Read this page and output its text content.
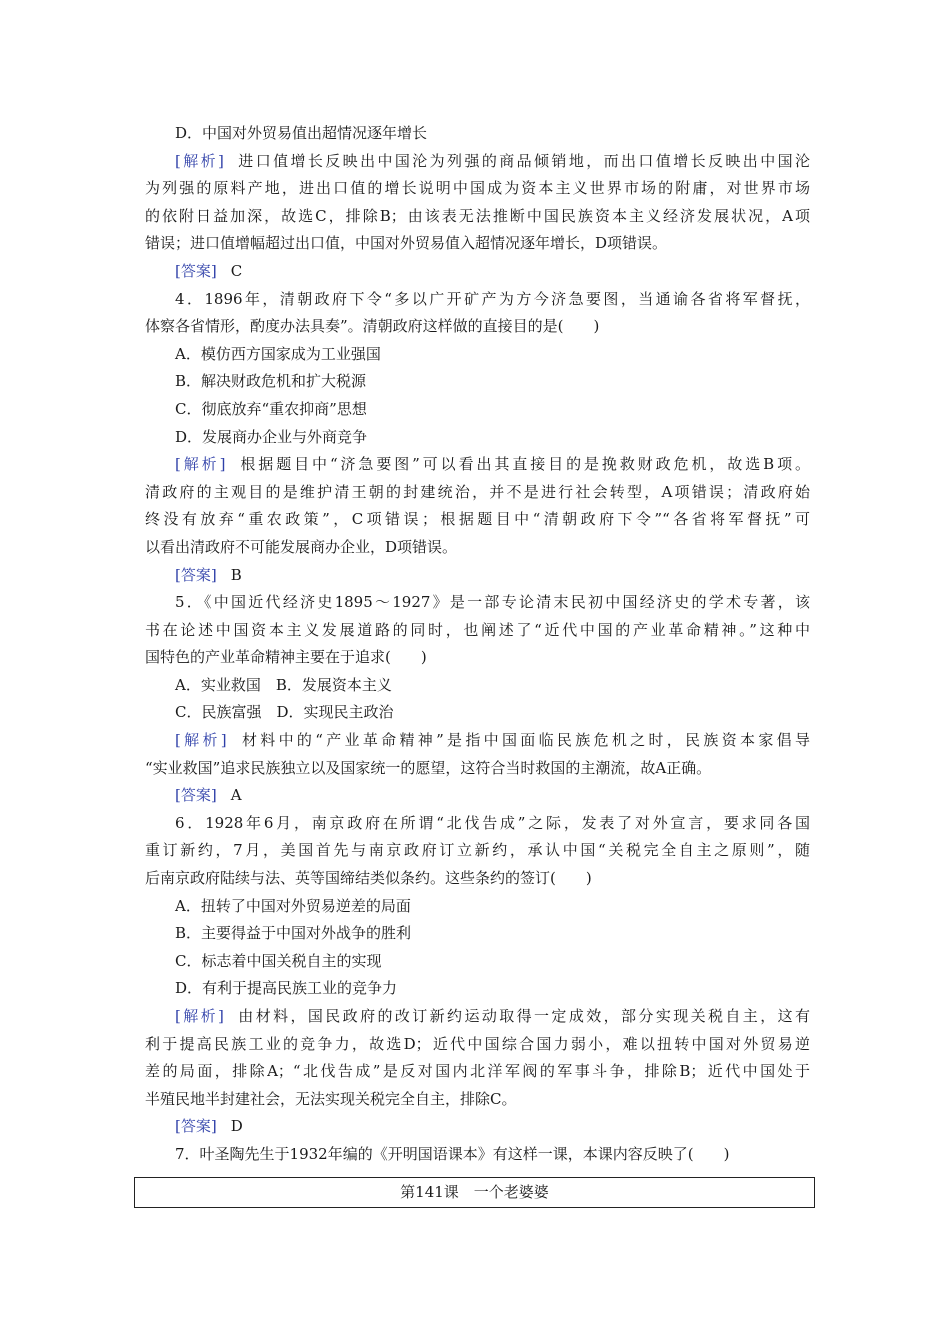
D．中国对外贸易值出超情况逐年增长
[解析] 进口值增长反映出中国沦为列强的商品倾销地，而出口值增长反映出中国沦
为列强的原料产地，进出口值的增长说明中国成为资本主义世界市场的附庸，对世界市场
的依附日益加深，故选C，排除B；由该表无法推断中国民族资本主义经济发展状况，A项
错误；进口值增幅超过出口值，中国对外贸易值入超情况逐年增长，D项错误。
[答案] C
4．1896年，清朝政府下令“多以广开矿产为方今济急要图，当通谕各省将军督抚，
体察各省情形，酌度办法具奏”。清朝政府这样做的直接目的是(　　)
A．模仿西方国家成为工业强国
B．解决财政危机和扩大税源
C．彻底放弃“重农抑商”思想
D．发展商办企业与外商竞争
[解析] 根据题目中“济急要图”可以看出其直接目的是挽救财政危机，故选B项。
清政府的主观目的是维护清王朝的封建统治，并不是进行社会转型，A项错误；清政府始
终没有放弃“重农政策”，C项错误；根据题目中“清朝政府下令”“各省将军督抚”可
以看出清政府不可能发展商办企业，D项错误。
[答案] B
5．《中国近代经济史1895～1927》是一部专论清末民初中国经济史的学术专著，该
书在论述中国资本主义发展道路的同时，也阐述了“近代中国的产业革命精神。”这种中
国特色的产业革命精神主要在于追求(　　)
A．实业救国　B．发展资本主义
C．民族富强　D．实现民主政治
[解析] 材料中的“产业革命精神”是指中国面临民族危机之时，民族资本家倡导
“实业救国”追求民族独立以及国家统一的愿望，这符合当时救国的主潮流，故A正确。
[答案] A
6．1928年6月，南京政府在所谓“北伐告成”之际，发表了对外宣言，要求同各国
重订新约，7月，美国首先与南京政府订立新约，承认中国“关税完全自主之原则”，随
后南京政府陆续与法、英等国缔结类似条约。这些条约的签订(　　)
A．扭转了中国对外贸易逆差的局面
B．主要得益于中国对外战争的胜利
C．标志着中国关税自主的实现
D．有利于提高民族工业的竞争力
[解析] 由材料，国民政府的改订新约运动取得一定成效，部分实现关税自主，这有
利于提高民族工业的竞争力，故选D；近代中国综合国力弱小，难以扭转中国对外贸易逆
差的局面，排除A；“北伐告成”是反对国内北洋军阀的军事斗争，排除B；近代中国处于
半殖民地半封建社会，无法实现关税完全自主，排除C。
[答案] D
7．叶圣陶先生于1932年编的《开明国语课本》有这样一课，本课内容反映了(　　)
第141课　一个老婆婆
